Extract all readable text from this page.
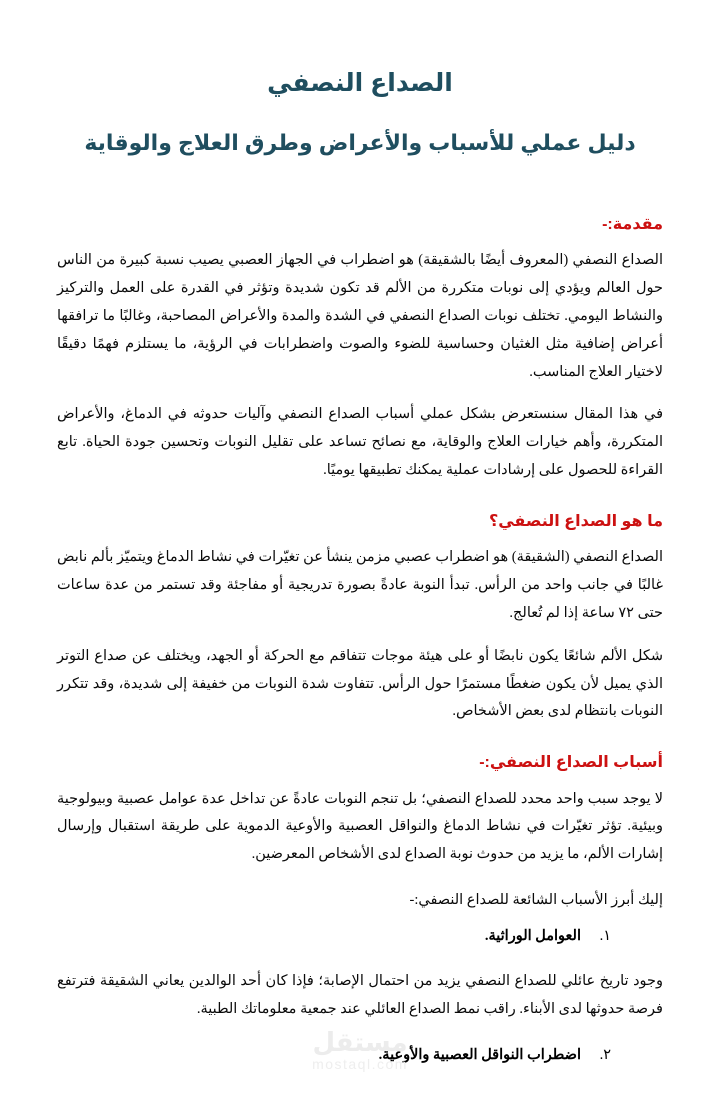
الصداع النصفي
دليل عملي للأسباب والأعراض وطرق العلاج والوقاية
مقدمة:-

الصداع النصفي (المعروف أيضًا بالشقيقة) هو اضطراب في الجهاز العصبي يصيب نسبة كبيرة من الناس حول العالم ويؤدي إلى نوبات متكررة من الألم قد تكون شديدة وتؤثر في القدرة على العمل والتركيز والنشاط اليومي. تختلف نوبات الصداع النصفي في الشدة والمدة والأعراض المصاحبة، وغالبًا ما ترافقها أعراض إضافية مثل الغثيان وحساسية للضوء والصوت واضطرابات في الرؤية، ما يستلزم فهمًا دقيقًا لاختيار العلاج المناسب.

في هذا المقال سنستعرض بشكل عملي أسباب الصداع النصفي وآليات حدوثه في الدماغ، والأعراض المتكررة، وأهم خيارات العلاج والوقاية، مع نصائح تساعد على تقليل النوبات وتحسين جودة الحياة. تابع القراءة للحصول على إرشادات عملية يمكنك تطبيقها يوميًا.

ما هو الصداع النصفي؟

الصداع النصفي (الشقيقة) هو اضطراب عصبي مزمن ينشأ عن تغيّرات في نشاط الدماغ ويتميّز بألم نابض غالبًا في جانب واحد من الرأس. تبدأ النوبة عادةً بصورة تدريجية أو مفاجئة وقد تستمر من عدة ساعات حتى ٧٢ ساعة إذا لم تُعالج.

شكل الألم شائعًا يكون نابضًا أو على هيئة موجات تتفاقم مع الحركة أو الجهد، ويختلف عن صداع التوتر الذي يميل لأن يكون ضغطًا مستمرًا حول الرأس. تتفاوت شدة النوبات من خفيفة إلى شديدة، وقد تتكرر النوبات بانتظام لدى بعض الأشخاص.

أسباب الصداع النصفي:-

لا يوجد سبب واحد محدد للصداع النصفي؛ بل تنجم النوبات عادةً عن تداخل عدة عوامل عصبية وبيولوجية وبيئية. تؤثر تغيّرات في نشاط الدماغ والنواقل العصبية والأوعية الدموية على طريقة استقبال وإرسال إشارات الألم، ما يزيد من حدوث نوبة الصداع لدى الأشخاص المعرضين.

إليك أبرز الأسباب الشائعة للصداع النصفي:-

١.
العوامل الوراثية.

وجود تاريخ عائلي للصداع النصفي يزيد من احتمال الإصابة؛ فإذا كان أحد الوالدين يعاني الشقيقة فترتفع فرصة حدوثها لدى الأبناء. راقب نمط الصداع العائلي عند جمعية معلوماتك الطبية.

٢.
اضطراب النواقل العصبية والأوعية.
مستقل
mostaql.com
